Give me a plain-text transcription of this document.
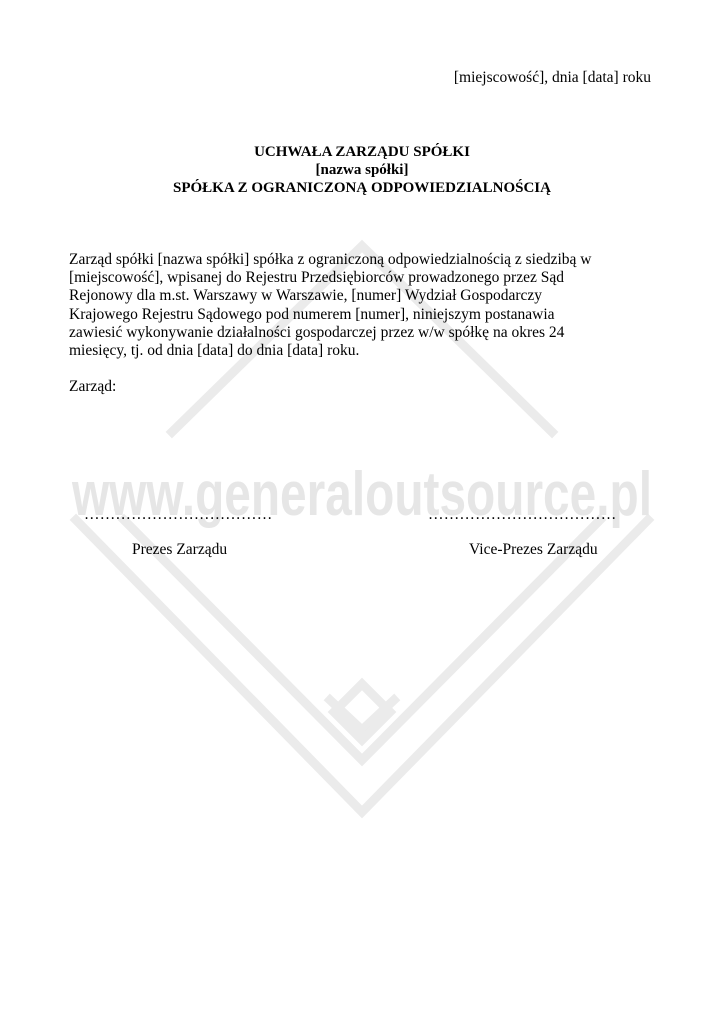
www.generaloutsource.pl
[miejscowość], dnia [data] roku
UCHWAŁA ZARZĄDU SPÓŁKI
[nazwa spółki]
SPÓŁKA Z OGRANICZONĄ ODPOWIEDZIALNOŚCIĄ
Zarząd spółki [nazwa spółki] spółka z ograniczoną odpowiedzialnością z siedzibą w
[miejscowość], wpisanej do Rejestru Przedsiębiorców prowadzonego przez Sąd
Rejonowy dla m.st. Warszawy w Warszawie, [numer] Wydział Gospodarczy
Krajowego Rejestru Sądowego pod numerem [numer], niniejszym postanawia
zawiesić wykonywanie działalności gospodarczej przez w/w spółkę na okres 24
miesięcy, tj. od dnia [data] do dnia [data] roku.
Zarząd:
………………………………	………………………………
Prezes Zarządu	Vice-Prezes Zarządu
